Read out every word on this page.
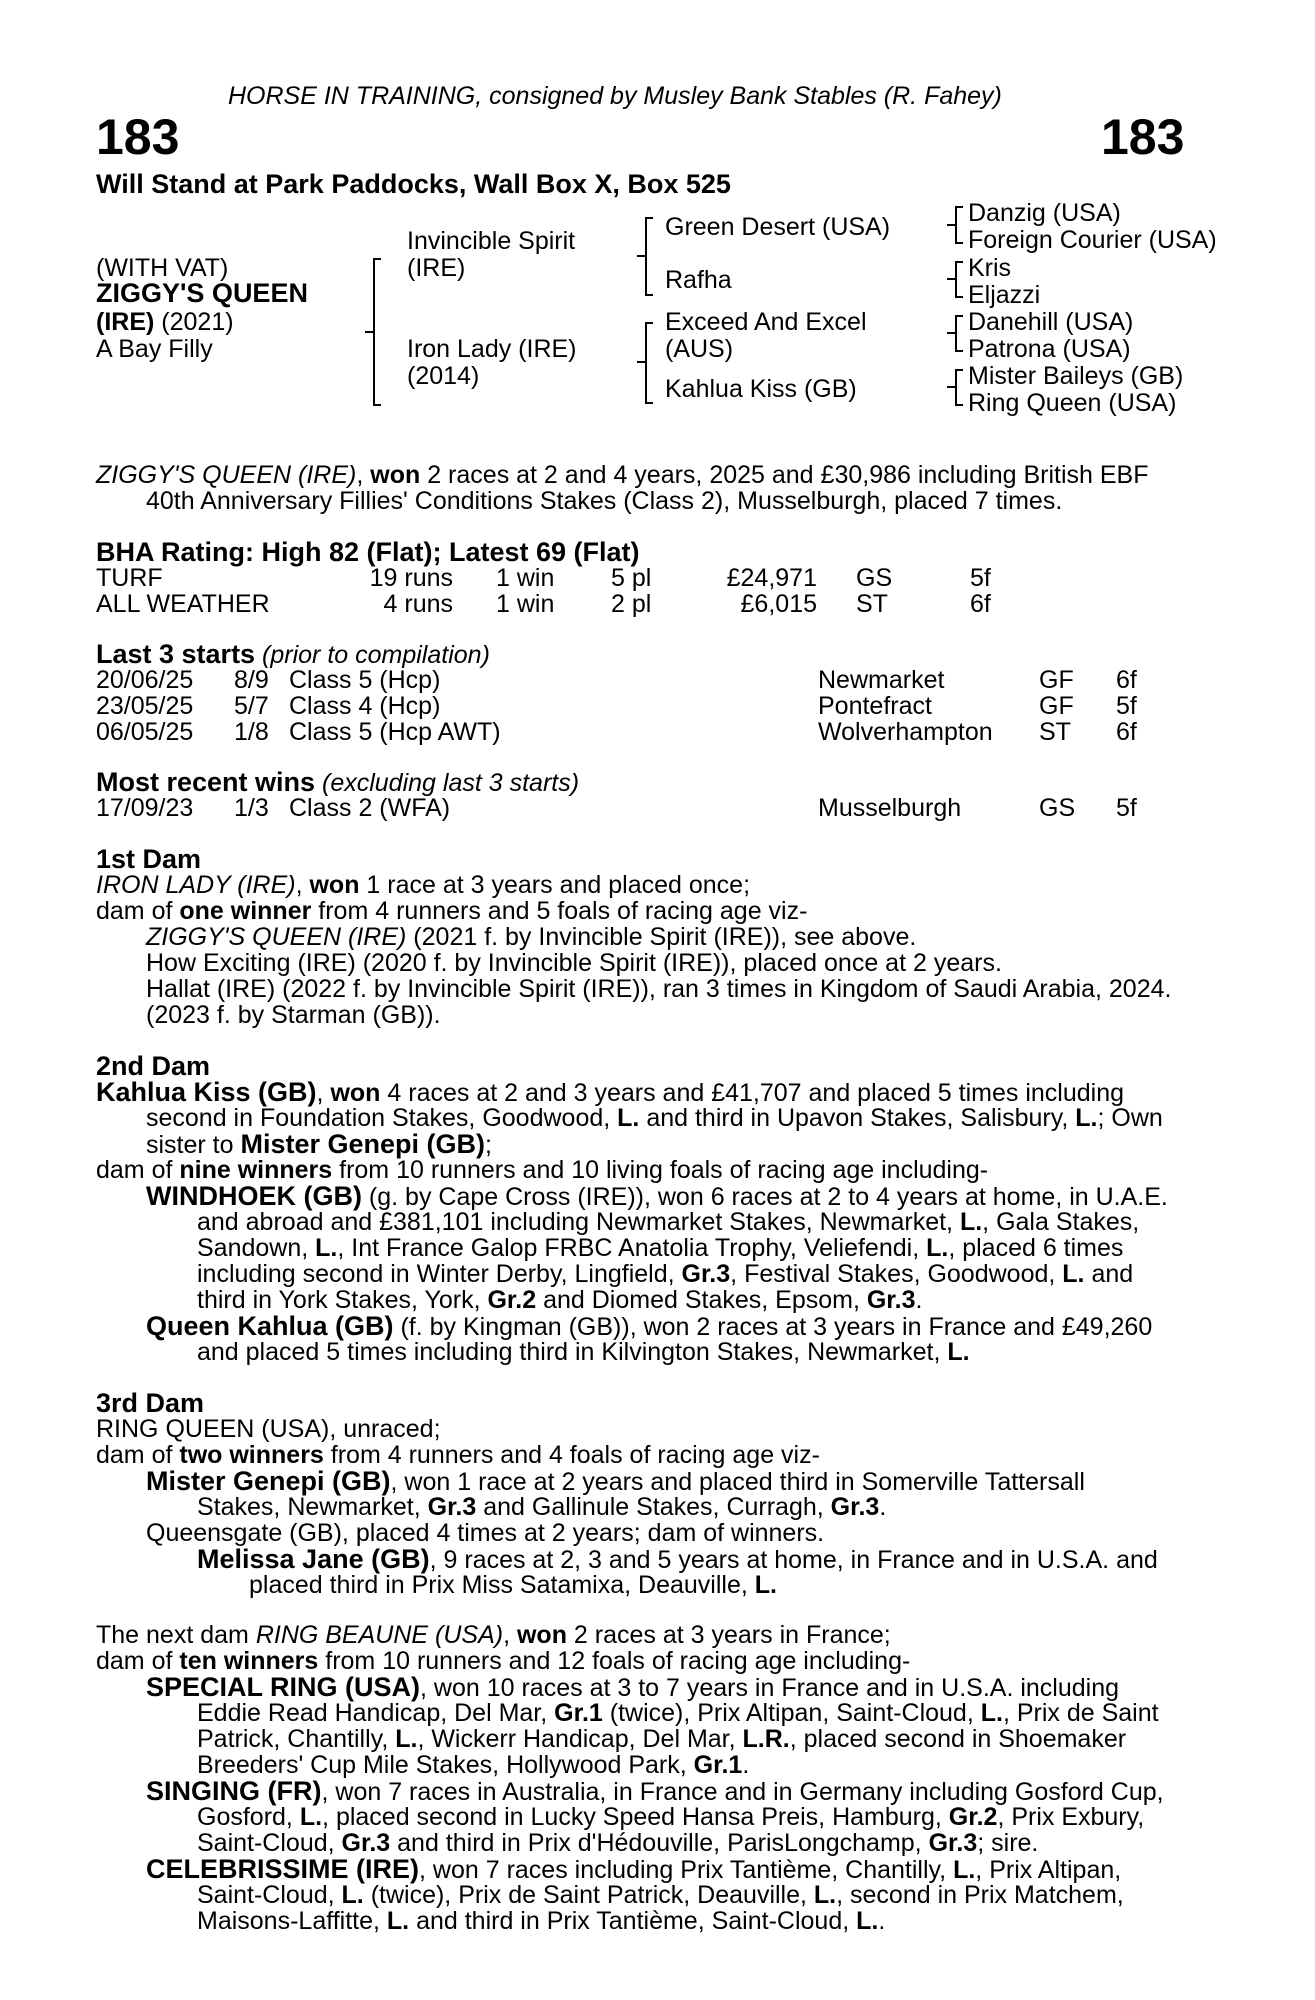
HORSE IN TRAINING, consigned by Musley Bank Stables (R. Fahey)
183	183
Will Stand at Park Paddocks, Wall Box X, Box 525
(WITH VAT)
ZIGGY'S QUEEN
(IRE) (2021)
A Bay Filly
Invincible Spirit
(IRE)
Iron Lady (IRE)
(2014)
Green Desert (USA)
Rafha
Exceed And Excel
(AUS)
Kahlua Kiss (GB)
Danzig (USA)
Foreign Courier (USA)
Kris
Eljazzi
Danehill (USA)
Patrona (USA)
Mister Baileys (GB)
Ring Queen (USA)
ZIGGY'S QUEEN (IRE), won 2 races at 2 and 4 years, 2025 and £30,986 including British EBF
40th Anniversary Fillies' Conditions Stakes (Class 2), Musselburgh, placed 7 times.
BHA Rating: High 82 (Flat); Latest 69 (Flat)
TURF	19 runs 1 win 5 pl	£24,971 GS	5f
ALL WEATHER	4 runs 1 win 2 pl	£6,015 ST	6f
Last 3 starts (prior to compilation)
20/06/25 8/9 Class 5 (Hcp)	Newmarket	GF 6f
23/05/25 5/7 Class 4 (Hcp)	Pontefract	GF 5f
06/05/25 1/8 Class 5 (Hcp AWT)	Wolverhampton ST 6f
Most recent wins (excluding last 3 starts)
17/09/23 1/3 Class 2 (WFA)	Musselburgh	GS 5f
1st Dam
IRON LADY (IRE), won 1 race at 3 years and placed once;
dam of one winner from 4 runners and 5 foals of racing age viz-
ZIGGY'S QUEEN (IRE) (2021 f. by Invincible Spirit (IRE)), see above.
How Exciting (IRE) (2020 f. by Invincible Spirit (IRE)), placed once at 2 years.
Hallat (IRE) (2022 f. by Invincible Spirit (IRE)), ran 3 times in Kingdom of Saudi Arabia, 2024.
(2023 f. by Starman (GB)).
2nd Dam
Kahlua Kiss (GB), won 4 races at 2 and 3 years and £41,707 and placed 5 times including
second in Foundation Stakes, Goodwood, L. and third in Upavon Stakes, Salisbury, L.; Own
sister to Mister Genepi (GB);
dam of nine winners from 10 runners and 10 living foals of racing age including-
WINDHOEK (GB) (g. by Cape Cross (IRE)), won 6 races at 2 to 4 years at home, in U.A.E.
and abroad and £381,101 including Newmarket Stakes, Newmarket, L., Gala Stakes,
Sandown, L., Int France Galop FRBC Anatolia Trophy, Veliefendi, L., placed 6 times
including second in Winter Derby, Lingfield, Gr.3, Festival Stakes, Goodwood, L. and
third in York Stakes, York, Gr.2 and Diomed Stakes, Epsom, Gr.3.
Queen Kahlua (GB) (f. by Kingman (GB)), won 2 races at 3 years in France and £49,260
and placed 5 times including third in Kilvington Stakes, Newmarket, L.
3rd Dam
RING QUEEN (USA), unraced;
dam of two winners from 4 runners and 4 foals of racing age viz-
Mister Genepi (GB), won 1 race at 2 years and placed third in Somerville Tattersall
Stakes, Newmarket, Gr.3 and Gallinule Stakes, Curragh, Gr.3.
Queensgate (GB), placed 4 times at 2 years; dam of winners.
Melissa Jane (GB), 9 races at 2, 3 and 5 years at home, in France and in U.S.A. and
placed third in Prix Miss Satamixa, Deauville, L.
The next dam RING BEAUNE (USA), won 2 races at 3 years in France;
dam of ten winners from 10 runners and 12 foals of racing age including-
SPECIAL RING (USA), won 10 races at 3 to 7 years in France and in U.S.A. including
Eddie Read Handicap, Del Mar, Gr.1 (twice), Prix Altipan, Saint-Cloud, L., Prix de Saint
Patrick, Chantilly, L., Wickerr Handicap, Del Mar, L.R., placed second in Shoemaker
Breeders' Cup Mile Stakes, Hollywood Park, Gr.1.
SINGING (FR), won 7 races in Australia, in France and in Germany including Gosford Cup,
Gosford, L., placed second in Lucky Speed Hansa Preis, Hamburg, Gr.2, Prix Exbury,
Saint-Cloud, Gr.3 and third in Prix d'Hédouville, ParisLongchamp, Gr.3; sire.
CELEBRISSIME (IRE), won 7 races including Prix Tantième, Chantilly, L., Prix Altipan,
Saint-Cloud, L. (twice), Prix de Saint Patrick, Deauville, L., second in Prix Matchem,
Maisons-Laffitte, L. and third in Prix Tantième, Saint-Cloud, L..
